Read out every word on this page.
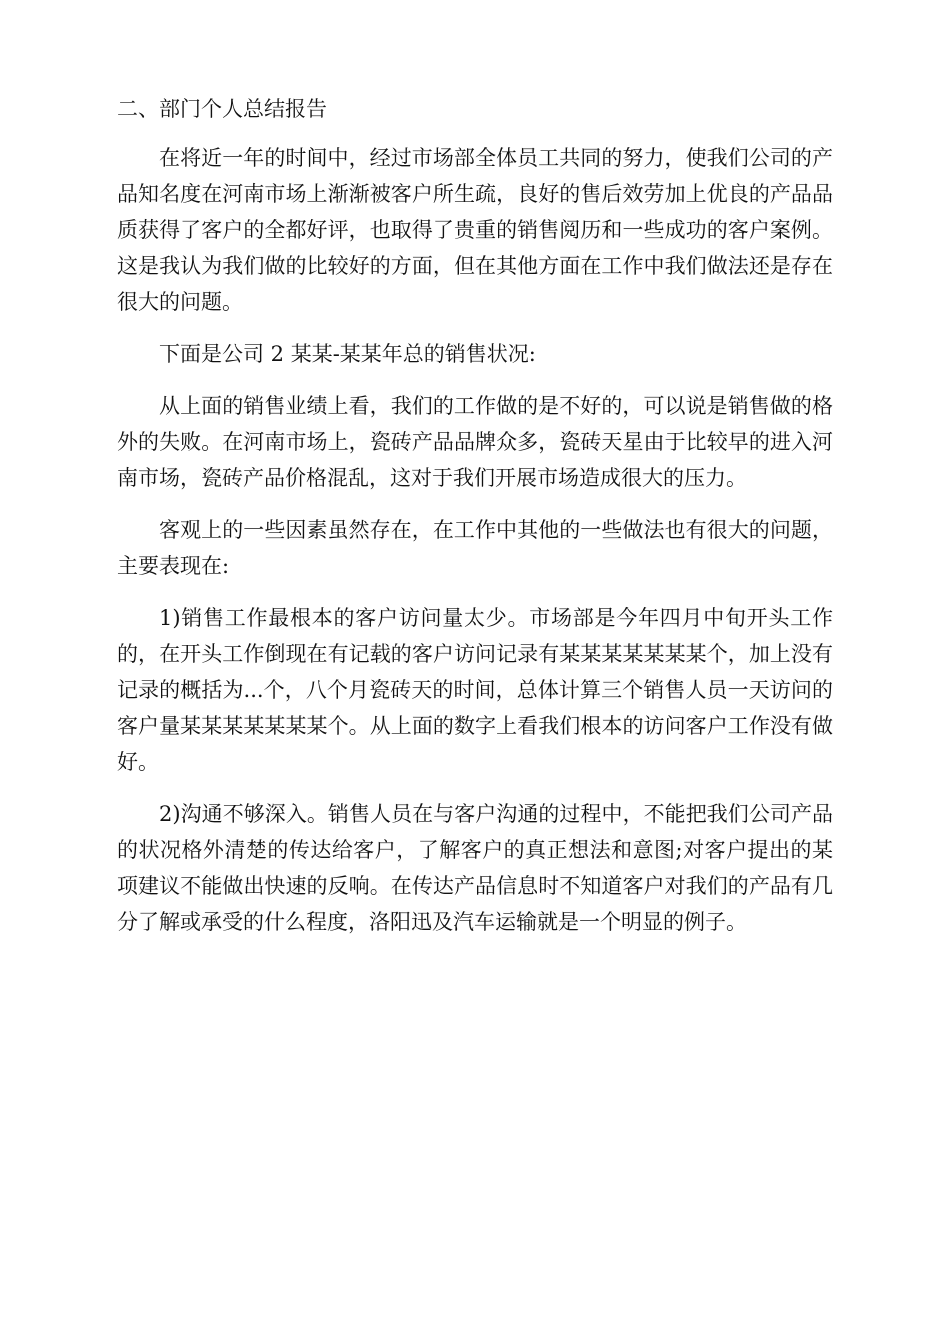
二、部门个人总结报告

在将近一年的时间中，经过市场部全体员工共同的努力，使我们公司的产品知名度在河南市场上渐渐被客户所生疏，良好的售后效劳加上优良的产品品质获得了客户的全都好评，也取得了贵重的销售阅历和一些成功的客户案例。这是我认为我们做的比较好的方面，但在其他方面在工作中我们做法还是存在很大的问题。

下面是公司 2 某某-某某年总的销售状况:

从上面的销售业绩上看，我们的工作做的是不好的，可以说是销售做的格外的失败。在河南市场上，瓷砖产品品牌众多，瓷砖天星由于比较早的进入河南市场，瓷砖产品价格混乱，这对于我们开展市场造成很大的压力。

客观上的一些因素虽然存在，在工作中其他的一些做法也有很大的问题，主要表现在:

1)销售工作最根本的客户访问量太少。市场部是今年四月中旬开头工作的，在开头工作倒现在有记载的客户访问记录有某某某某某某某个，加上没有记录的概括为...个，八个月瓷砖天的时间，总体计算三个销售人员一天访问的客户量某某某某某某某个。从上面的数字上看我们根本的访问客户工作没有做好。

2)沟通不够深入。销售人员在与客户沟通的过程中，不能把我们公司产品的状况格外清楚的传达给客户，了解客户的真正想法和意图;对客户提出的某项建议不能做出快速的反响。在传达产品信息时不知道客户对我们的产品有几分了解或承受的什么程度，洛阳迅及汽车运输就是一个明显的例子。
